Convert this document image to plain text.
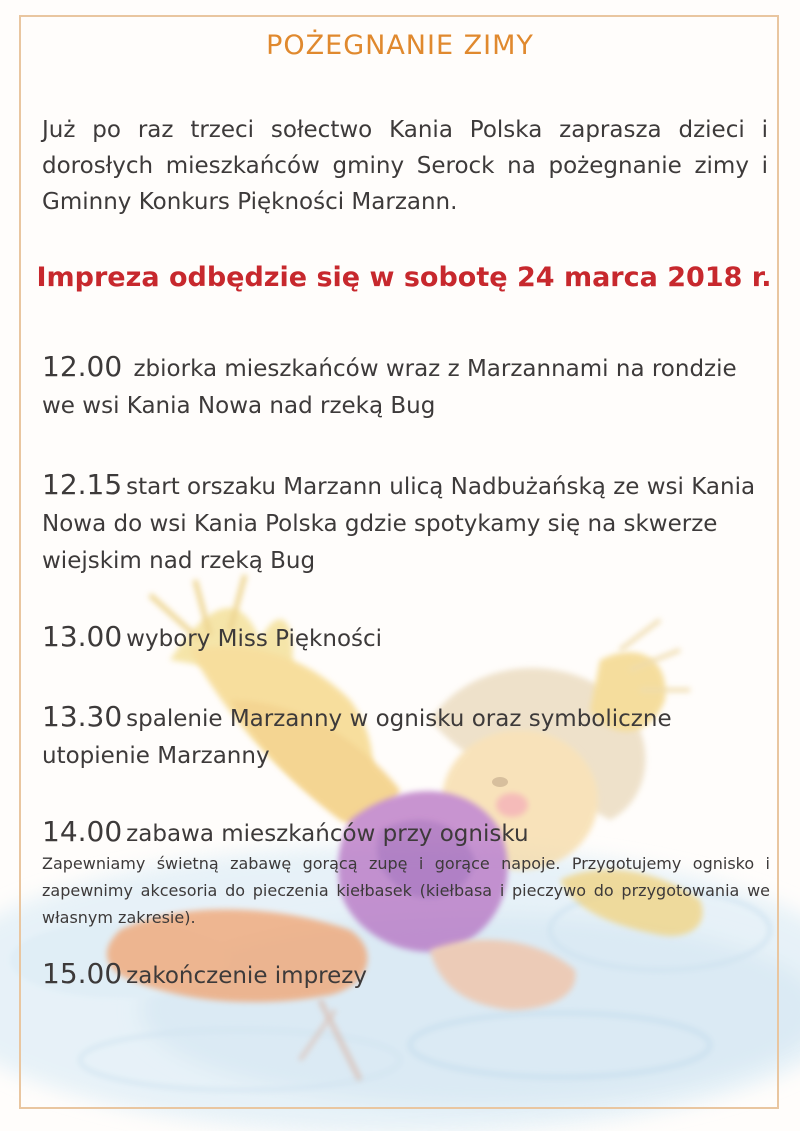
POŻEGNANIE ZIMY
Już po raz trzeci sołectwo Kania Polska zaprasza dzieci i dorosłych mieszkańców gminy Serock na pożegnanie zimy i Gminny Konkurs Piękności Marzann.
Impreza odbędzie się w sobotę 24 marca 2018 r.
12.00 zbiorka mieszkańców wraz z Marzannami na rondzie we wsi Kania Nowa nad rzeką Bug
12.15 start orszaku Marzann ulicą Nadbużańską ze wsi Kania Nowa do wsi Kania Polska gdzie spotykamy się na skwerze wiejskim nad rzeką Bug
13.00 wybory Miss Piękności
13.30 spalenie Marzanny w ognisku oraz symboliczne utopienie Marzanny
14.00 zabawa mieszkańców przy ognisku
Zapewniamy świetną zabawę gorącą zupę i gorące napoje. Przygotujemy ognisko i zapewnimy akcesoria do pieczenia kiełbasek (kiełbasa i pieczywo do przygotowania we własnym zakresie).
15.00 zakończenie imprezy
